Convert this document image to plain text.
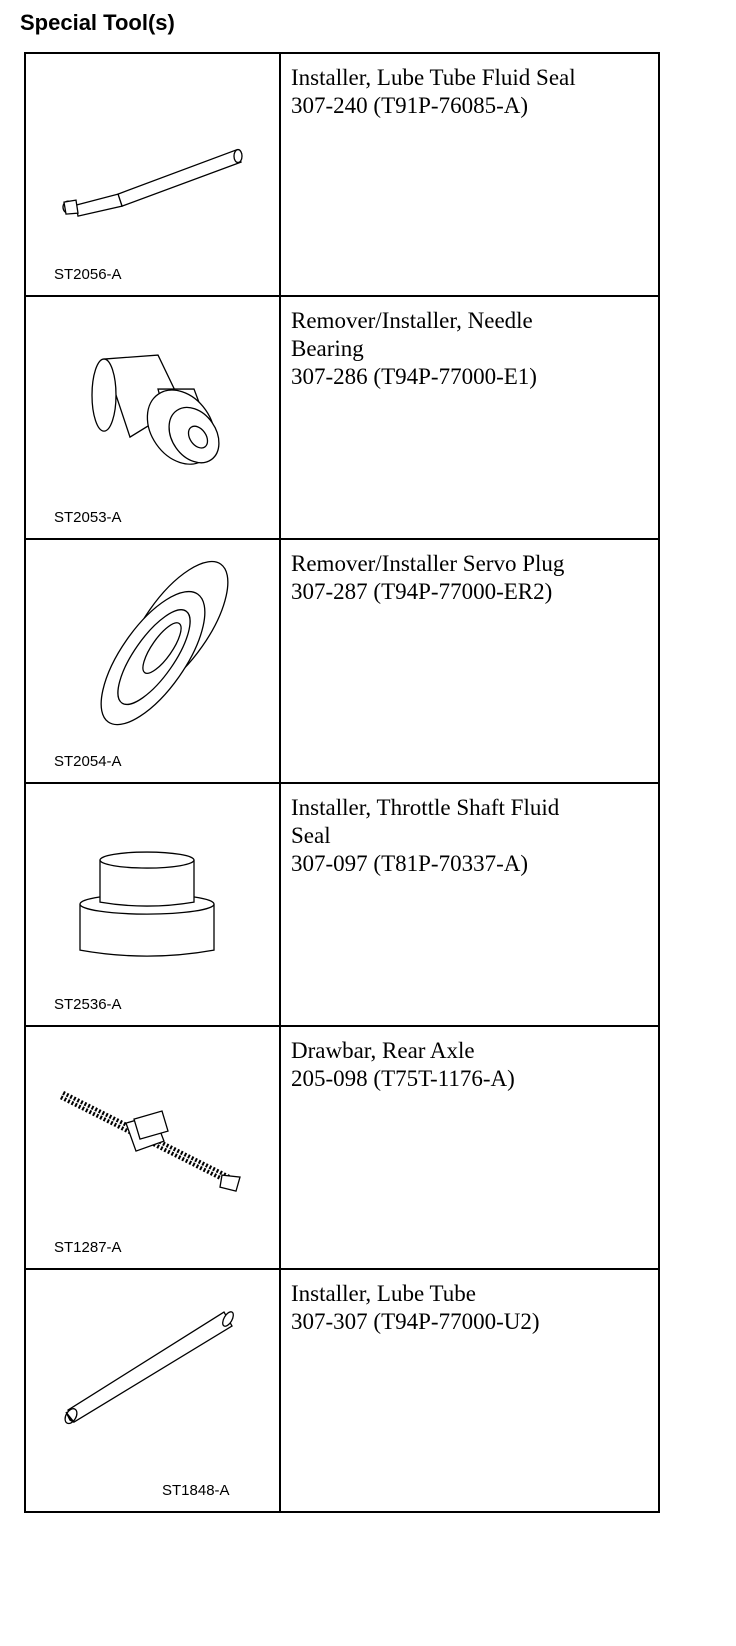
Special Tool(s)
ST2056-A
Installer, Lube Tube Fluid Seal
307-240 (T91P-76085-A)
ST2053-A
Remover/Installer, Needle
Bearing
307-286 (T94P-77000-E1)
ST2054-A
Remover/Installer Servo Plug
307-287 (T94P-77000-ER2)
ST2536-A
Installer, Throttle Shaft Fluid
Seal
307-097 (T81P-70337-A)
ST1287-A
Drawbar, Rear Axle
205-098 (T75T-1176-A)
ST1848-A
Installer, Lube Tube
307-307 (T94P-77000-U2)
